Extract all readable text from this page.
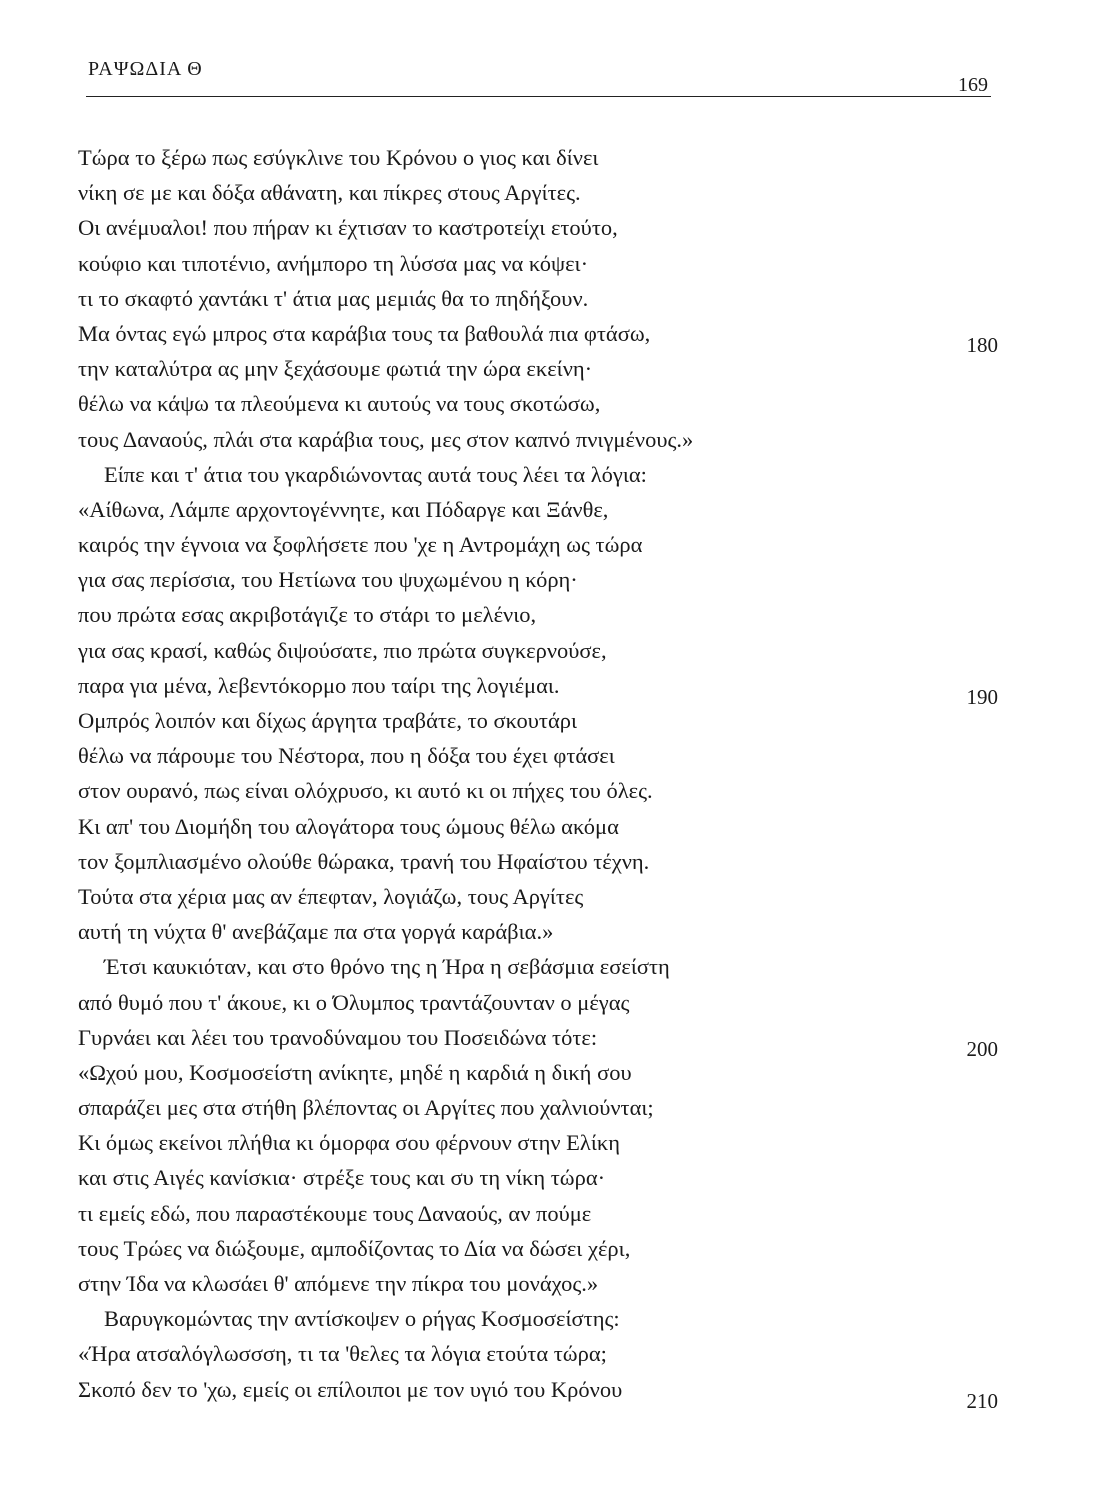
ΡΑΨΩΔΙΑ Θ
169
Τώρα το ξέρω πως εσύγκλινε του Κρόνου ο γιος και δίνει
νίκη σε με και δόξα αθάνατη, και πίκρες στους Αργίτες.
Οι ανέμυαλοι! που πήραν κι έχτισαν το καστροτείχι ετούτο,
κούφιο και τιποτένιο, ανήμπορο τη λύσσα μας να κόψει·
τι το σκαφτό χαντάκι τ' άτια μας μεμιάς θα το πηδήξουν.
Μα όντας εγώ μπρος στα καράβια τους τα βαθουλά πια φτάσω,	180
την καταλύτρα ας μην ξεχάσουμε φωτιά την ώρα εκείνη·
θέλω να κάψω τα πλεούμενα κι αυτούς να τους σκοτώσω,
τους Δαναούς, πλάι στα καράβια τους, μες στον καπνό πνιγμένους.»
Είπε και τ' άτια του γκαρδιώνοντας αυτά τους λέει τα λόγια:
«Αίθωνα, Λάμπε αρχοντογέννητε, και Πόδαργε και Ξάνθε,
καιρός την έγνοια να ξοφλήσετε που 'χε η Αντρομάχη ως τώρα
για σας περίσσια, του Ηετίωνα του ψυχωμένου η κόρη·
που πρώτα εσας ακριβοτάγιζε το στάρι το μελένιο,
για σας κρασί, καθώς διψούσατε, πιο πρώτα συγκερνούσε,
παρα για μένα, λεβεντόκορμο που ταίρι της λογιέμαι.	190
Ομπρός λοιπόν και δίχως άργητα τραβάτε, το σκουτάρι
θέλω να πάρουμε του Νέστορα, που η δόξα του έχει φτάσει
στον ουρανό, πως είναι ολόχρυσο, κι αυτό κι οι πήχες του όλες.
Κι απ' του Διομήδη του αλογάτορα τους ώμους θέλω ακόμα
τον ξομπλιασμένο ολούθε θώρακα, τρανή του Ηφαίστου τέχνη.
Τούτα στα χέρια μας αν έπεφταν, λογιάζω, τους Αργίτες
αυτή τη νύχτα θ' ανεβάζαμε πα στα γοργά καράβια.»
Έτσι καυκιόταν, και στο θρόνο της η Ήρα η σεβάσμια εσείστη
από θυμό που τ' άκουε, κι ο Όλυμπος τραντάζουνταν ο μέγας
Γυρνάει και λέει του τρανοδύναμου του Ποσειδώνα τότε:	200
«Ωχού μου, Κοσμοσείστη ανίκητε, μηδέ η καρδιά η δική σου
σπαράζει μες στα στήθη βλέποντας οι Αργίτες που χαλνιούνται;
Κι όμως εκείνοι πλήθια κι όμορφα σου φέρνουν στην Ελίκη
και στις Αιγές κανίσκια· στρέξε τους και συ τη νίκη τώρα·
τι εμείς εδώ, που παραστέκουμε τους Δαναούς, αν πούμε
τους Τρώες να διώξουμε, αμποδίζοντας το Δία να δώσει χέρι,
στην Ίδα να κλωσάει θ' απόμενε την πίκρα του μονάχος.»
Βαρυγκομώντας την αντίσκοψεν ο ρήγας Κοσμοσείστης:
«Ήρα ατσαλόγλωσσση, τι τα 'θελες τα λόγια ετούτα τώρα;
Σκοπό δεν το 'χω, εμείς οι επίλοιποι με τον υγιό του Κρόνου	210
